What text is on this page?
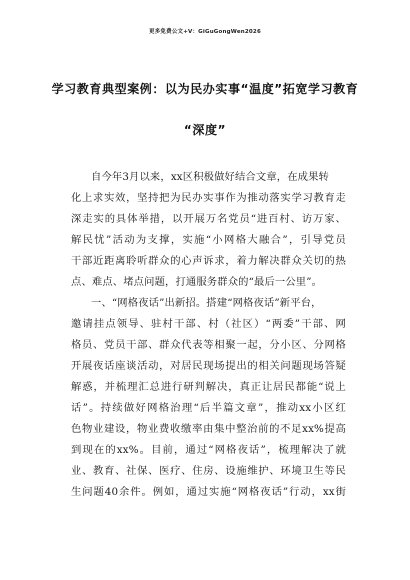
更多免费公文+V：GiGuGongWen2026
学习教育典型案例：以为民办实事“温度”拓宽学习教育
“深度”
自今年3月以来，xx区积极做好结合文章，在成果转
化上求实效，坚持把为民办实事作为推动落实学习教育走
深走实的具体举措，以开展万名党员“进百村、访万家、
解民忧”活动为支撑，实施“小网格大融合”，引导党员
干部近距离聆听群众的心声诉求，着力解决群众关切的热
点、难点、堵点问题，打通服务群众的“最后一公里”。
一、“网格夜话”出新招。搭建“网格夜话”新平台，
邀请挂点领导、驻村干部、村（社区）“两委”干部、网
格员、党员干部、群众代表等相聚一起，分小区、分网格
开展夜话座谈活动，对居民现场提出的相关问题现场答疑
解惑，并梳理汇总进行研判解决，真正让居民都能“说上
话”。持续做好网格治理“后半篇文章”，推动xx小区红
色物业建设，物业费收缴率由集中整治前的不足xx%提高
到现在的xx%。目前，通过“网格夜话”，梳理解决了就
业、教育、社保、医疗、住房、设施维护、环境卫生等民
生问题40余件。例如，通过实施“网格夜话”行动，xx街
